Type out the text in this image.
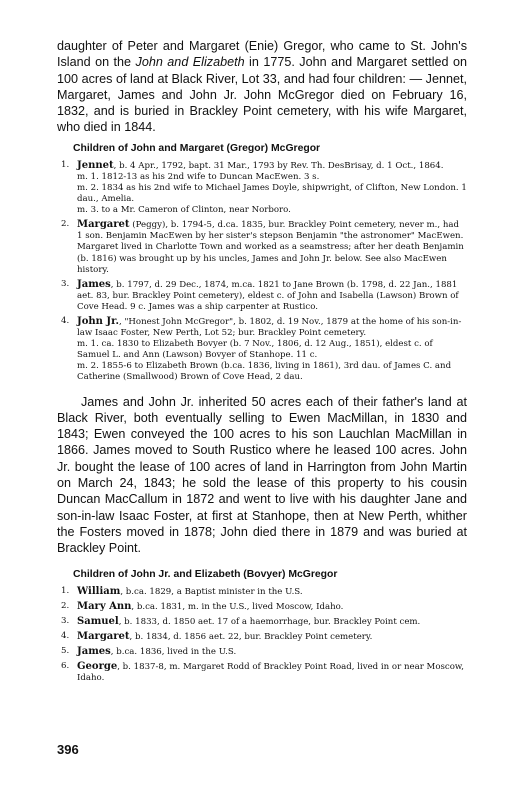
daughter of Peter and Margaret (Enie) Gregor, who came to St. John's Island on the John and Elizabeth in 1775. John and Margaret settled on 100 acres of land at Black River, Lot 33, and had four children: — Jennet, Margaret, James and John Jr. John McGregor died on February 16, 1832, and is buried in Brackley Point cemetery, with his wife Margaret, who died in 1844.

Children of John and Margaret (Gregor) McGregor
1. Jennet, b. 4 Apr., 1792, bapt. 31 Mar., 1793 by Rev. Th. DesBrisay, d. 1 Oct., 1864.
m. 1. 1812-13 as his 2nd wife to Duncan MacEwen. 3 s.
m. 2. 1834 as his 2nd wife to Michael James Doyle, shipwright, of Clifton, New London. 1 dau., Amelia.
m. 3. to a Mr. Cameron of Clinton, near Norboro.
2. Margaret (Peggy), b. 1794-5, d.ca. 1835, bur. Brackley Point cemetery, never m., had 1 son. Benjamin MacEwen by her sister's stepson Benjamin "the astronomer" MacEwen. Margaret lived in Charlotte Town and worked as a seamstress; after her death Benjamin (b. 1816) was brought up by his uncles, James and John Jr. below. See also MacEwen history.
3. James, b. 1797, d. 29 Dec., 1874, m.ca. 1821 to Jane Brown (b. 1798, d. 22 Jan., 1881 aet. 83, bur. Brackley Point cemetery), eldest c. of John and Isabella (Lawson) Brown of Cove Head. 9 c. James was a ship carpenter at Rustico.
4. John Jr., "Honest John McGregor", b. 1802, d. 19 Nov., 1879 at the home of his son-in-law Isaac Foster, New Perth, Lot 52; bur. Brackley Point cemetery.
m. 1. ca. 1830 to Elizabeth Bovyer (b. 7 Nov., 1806, d. 12 Aug., 1851), eldest c. of Samuel L. and Ann (Lawson) Bovyer of Stanhope. 11 c.
m. 2. 1855-6 to Elizabeth Brown (b.ca. 1836, living in 1861), 3rd dau. of James C. and Catherine (Smallwood) Brown of Cove Head, 2 dau.

James and John Jr. inherited 50 acres each of their father's land at Black River, both eventually selling to Ewen MacMillan, in 1830 and 1843; Ewen conveyed the 100 acres to his son Lauchlan MacMillan in 1866. James moved to South Rustico where he leased 100 acres. John Jr. bought the lease of 100 acres of land in Harrington from John Martin on March 24, 1843; he sold the lease of this property to his cousin Duncan MacCallum in 1872 and went to live with his daughter Jane and son-in-law Isaac Foster, at first at Stanhope, then at New Perth, whither the Fosters moved in 1878; John died there in 1879 and was buried at Brackley Point.

Children of John Jr. and Elizabeth (Bovyer) McGregor
1. William, b.ca. 1829, a Baptist minister in the U.S.
2. Mary Ann, b.ca. 1831, m. in the U.S., lived Moscow, Idaho.
3. Samuel, b. 1833, d. 1850 aet. 17 of a haemorrhage, bur. Brackley Point cem.
4. Margaret, b. 1834, d. 1856 aet. 22, bur. Brackley Point cemetery.
5. James, b.ca. 1836, lived in the U.S.
6. George, b. 1837-8, m. Margaret Rodd of Brackley Point Road, lived in or near Moscow, Idaho.
396
